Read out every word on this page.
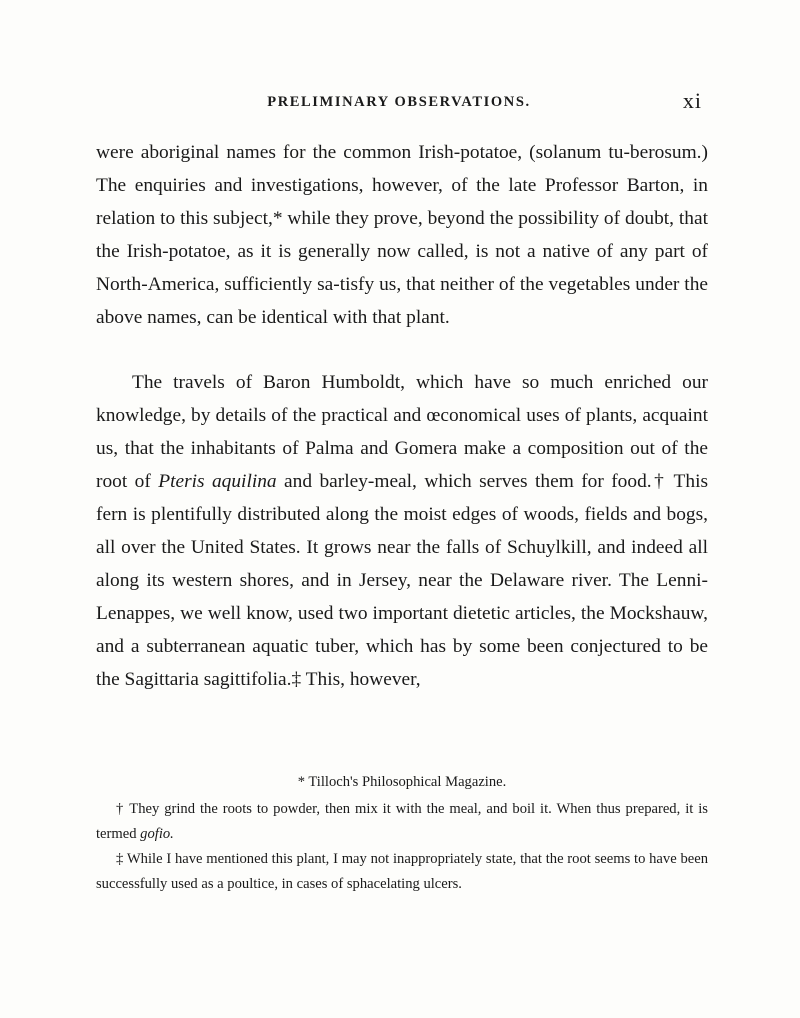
PRELIMINARY OBSERVATIONS.	xi

were aboriginal names for the common Irish-potatoe, (solanum tu-berosum.) The enquiries and investigations, however, of the late Professor Barton, in relation to this subject,* while they prove, beyond the possibility of doubt, that the Irish-potatoe, as it is generally now called, is not a native of any part of North-America, sufficiently sa-tisfy us, that neither of the vegetables under the above names, can be identical with that plant.

The travels of Baron Humboldt, which have so much enriched our knowledge, by details of the practical and œconomical uses of plants, acquaint us, that the inhabitants of Palma and Gomera make a composition out of the root of Pteris aquilina and barley-meal, which serves them for food.† This fern is plentifully distributed along the moist edges of woods, fields and bogs, all over the United States. It grows near the falls of Schuylkill, and indeed all along its western shores, and in Jersey, near the Delaware river. The Lenni-Lenappes, we well know, used two important dietetic articles, the Mockshauw, and a subterranean aquatic tuber, which has by some been conjectured to be the Sagittaria sagittifolia.‡ This, however,

* Tilloch's Philosophical Magazine.

† They grind the roots to powder, then mix it with the meal, and boil it. When thus prepared, it is termed gofio.

‡ While I have mentioned this plant, I may not inappropriately state, that the root seems to have been successfully used as a poultice, in cases of sphacelating ulcers.
